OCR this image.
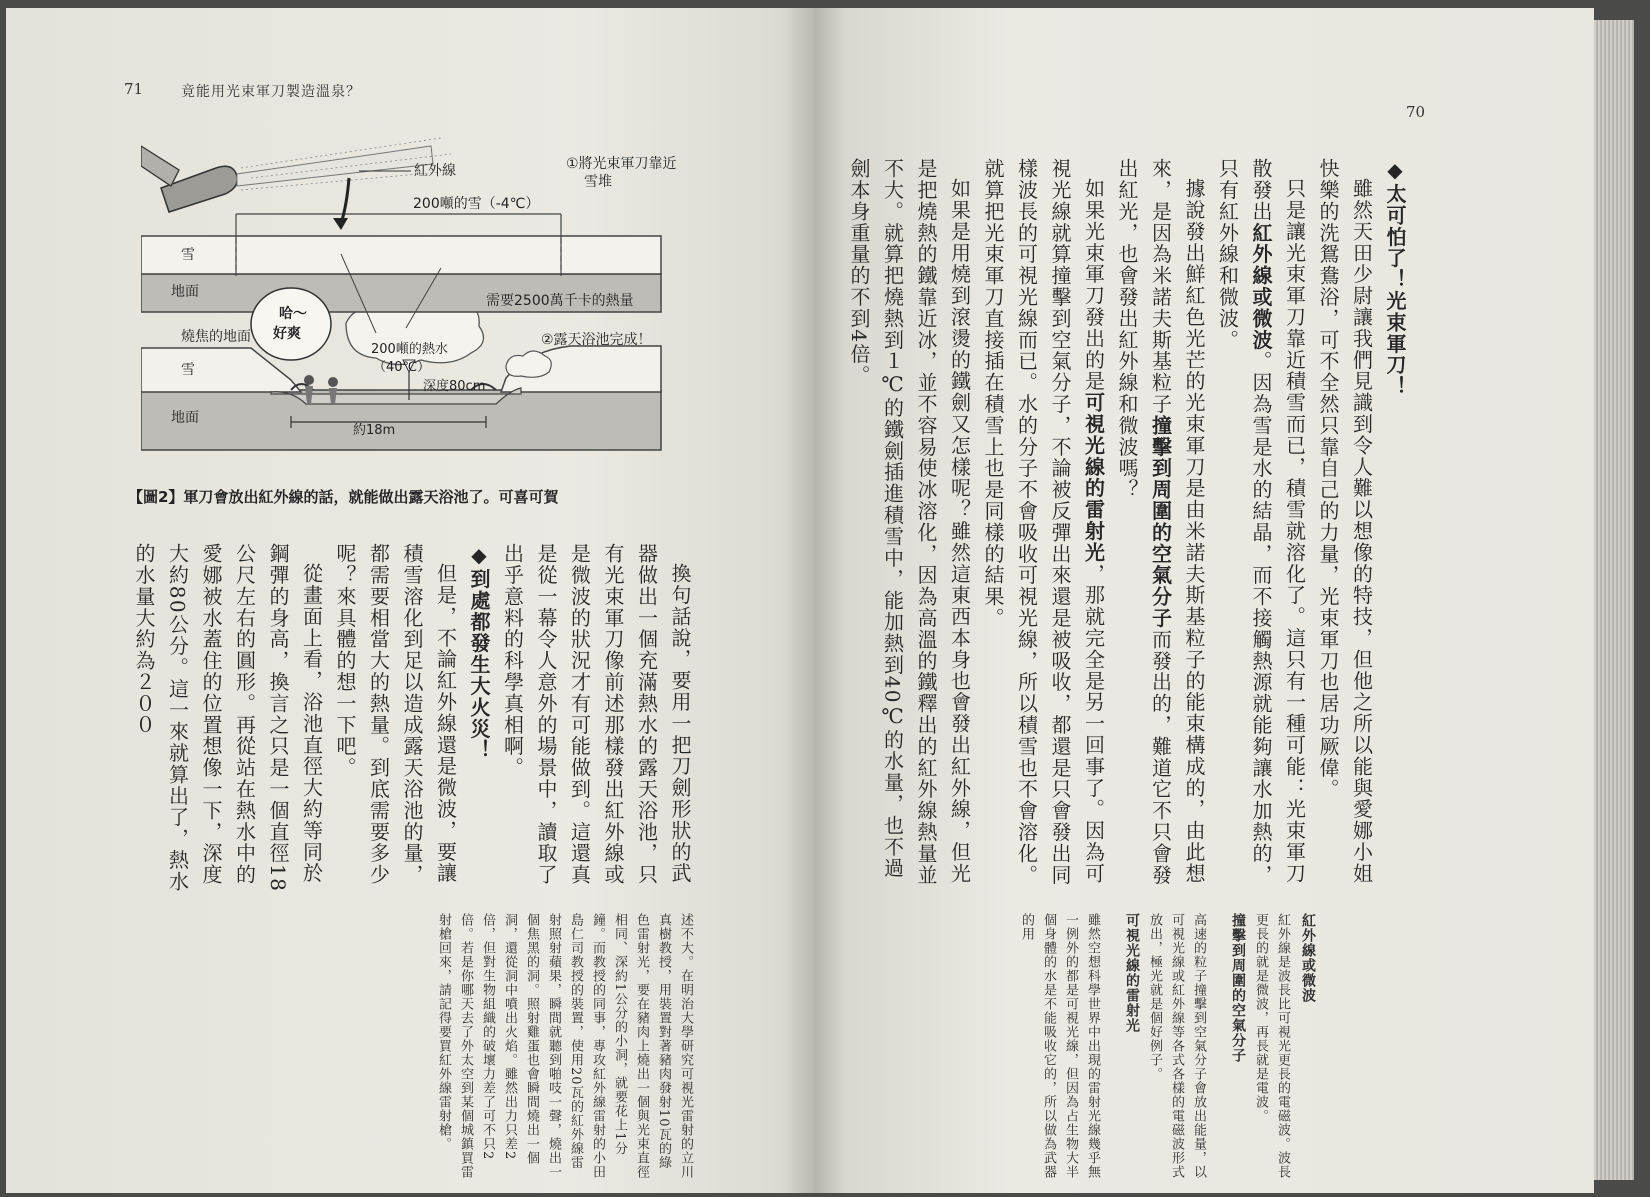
71	竟能用光束軍刀製造溫泉？
紅外線	①將光束軍刀靠近
雪堆
200噸的雪（-4℃）
雪
地面
需要2500萬千卡的熱量
燒焦的地面
哈～
好爽
200噸的熱水
（40℃）
②露天浴池完成！
雪
深度80cm
約18m
地面
【圖2】軍刀會放出紅外線的話，就能做出露天浴池了。可喜可賀

換句話說，要用一把刀劍形狀的武器做出一個充滿熱水的露天浴池，只有光束軍刀像前述那樣發出紅外線或是微波的狀況才有可能做到。這還真是從一幕令人意外的場景中，讀取了出乎意料的科學真相啊。

◆到處都發生大火災！

但是，不論紅外線還是微波，要讓積雪溶化到足以造成露天浴池的量，都需要相當大的熱量。到底需要多少呢？來具體的想一下吧。

從畫面上看，浴池直徑大約等同於鋼彈的身高，換言之只是一個直徑18公尺左右的圓形。再從站在熱水中的愛娜被水蓋住的位置想像一下，深度大約80公分。這一來就算出了，熱水的水量大約為２００

述不大。在明治大學研究可視光雷射的立川真樹教授，用裝置對著豬肉發射10瓦的綠色雷射光，要在豬肉上燒出一個與光束直徑相同、深約1公分的小洞，就要花上1分鐘。而教授的同事，專攻紅外線雷射的小田島仁司教授的裝置，使用20瓦的紅外線雷射照射蘋果，瞬間就聽到啪吱一聲，燒出一個焦黑的洞。照射雞蛋也會瞬間燒出一個洞，還從洞中噴出火焰。雖然出力只差2倍，但對生物組織的破壞力差了可不只2倍。若是你哪天去了外太空到某個城鎮買雷射槍回來，請記得要買紅外線雷射槍。

70

◆太可怕了！光束軍刀！

雖然天田少尉讓我們見識到令人難以想像的特技，但他之所以能與愛娜小姐快樂的洗鴛鴦浴，可不全然只靠自己的力量，光束軍刀也居功厥偉。

只是讓光束軍刀靠近積雪而已，積雪就溶化了。這只有一種可能：光束軍刀散發出紅外線或微波。因為雪是水的結晶，而不接觸熱源就能夠讓水加熱的，只有紅外線和微波。

據說發出鮮紅色光芒的光束軍刀是由米諾夫斯基粒子的能束構成的，由此想來，是因為米諾夫斯基粒子撞擊到周圍的空氣分子而發出的，難道它不只會發出紅光，也會發出紅外線和微波嗎？

如果光束軍刀發出的是可視光線的雷射光，那就完全是另一回事了。因為可視光線就算撞擊到空氣分子，不論被反彈出來還是被吸收，都還是只會發出同樣波長的可視光線而已。水的分子不會吸收可視光線，所以積雪也不會溶化。就算把光束軍刀直接插在積雪上也是同樣的結果。

如果是用燒到滾燙的鐵劍又怎樣呢？雖然這東西本身也會發出紅外線，但光是把燒熱的鐵靠近冰，並不容易使冰溶化，因為高溫的鐵釋出的紅外線熱量並不大。就算把燒熱到１℃的鐵劍插進積雪中，能加熱到40℃的水量，也不過劍本身重量的不到4倍。

紅外線或微波

紅外線是波長比可視光更長的電磁波。波長更長的就是微波，再長就是電波。

撞擊到周圍的空氣分子

高速的粒子撞擊到空氣分子會放出能量，以可視光線或紅外線等各式各樣的電磁波形式放出，極光就是個好例子。

可視光線的雷射光

雖然空想科學世界中出現的雷射光線幾乎無一例外的都是可視光線，但因為占生物大半個身體的水是不能吸收它的，所以做為武器的用
